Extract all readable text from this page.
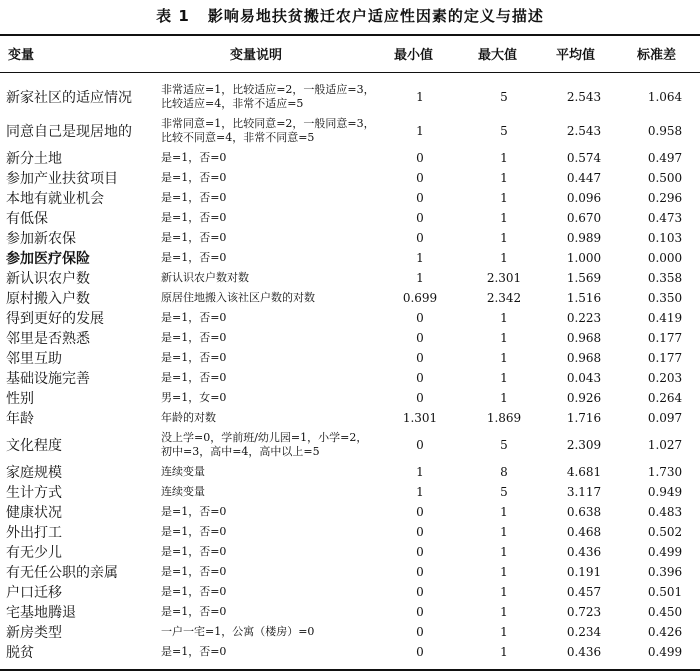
表 1 影响易地扶贫搬迁农户适应性因素的定义与描述
变量	变量说明	最小值	最大值	平均值	标准差
新家社区的适应情况	非常适应=1，比较适应=2，一般适应=3，比较适应=4，非常不适应=5	1	5	2.543	1.064
同意自己是现居地的	非常同意=1，比较同意=2，一般同意=3，比较不同意=4，非常不同意=5	1	5	2.543	0.958
新分土地	是=1，否=0	0	1	0.574	0.497
参加产业扶贫项目	是=1，否=0	0	1	0.447	0.500
本地有就业机会	是=1，否=0	0	1	0.096	0.296
有低保	是=1，否=0	0	1	0.670	0.473
参加新农保	是=1，否=0	0	1	0.989	0.103
参加医疗保险	是=1，否=0	1	1	1.000	0.000
新认识农户数	新认识农户数对数	1	2.301	1.569	0.358
原村搬入户数	原居住地搬入该社区户数的对数	0.699	2.342	1.516	0.350
得到更好的发展	是=1，否=0	0	1	0.223	0.419
邻里是否熟悉	是=1，否=0	0	1	0.968	0.177
邻里互助	是=1，否=0	0	1	0.968	0.177
基础设施完善	是=1，否=0	0	1	0.043	0.203
性别	男=1，女=0	0	1	0.926	0.264
年龄	年龄的对数	1.301	1.869	1.716	0.097
文化程度	没上学=0，学前班/幼儿园=1，小学=2，初中=3，高中=4，高中以上=5	0	5	2.309	1.027
家庭规模	连续变量	1	8	4.681	1.730
生计方式	连续变量	1	5	3.117	0.949
健康状况	是=1，否=0	0	1	0.638	0.483
外出打工	是=1，否=0	0	1	0.468	0.502
有无少儿	是=1，否=0	0	1	0.436	0.499
有无任公职的亲属	是=1，否=0	0	1	0.191	0.396
户口迁移	是=1，否=0	0	1	0.457	0.501
宅基地腾退	是=1，否=0	0	1	0.723	0.450
新房类型	一户一宅=1，公寓（楼房）=0	0	1	0.234	0.426
脱贫	是=1，否=0	0	1	0.436	0.499
